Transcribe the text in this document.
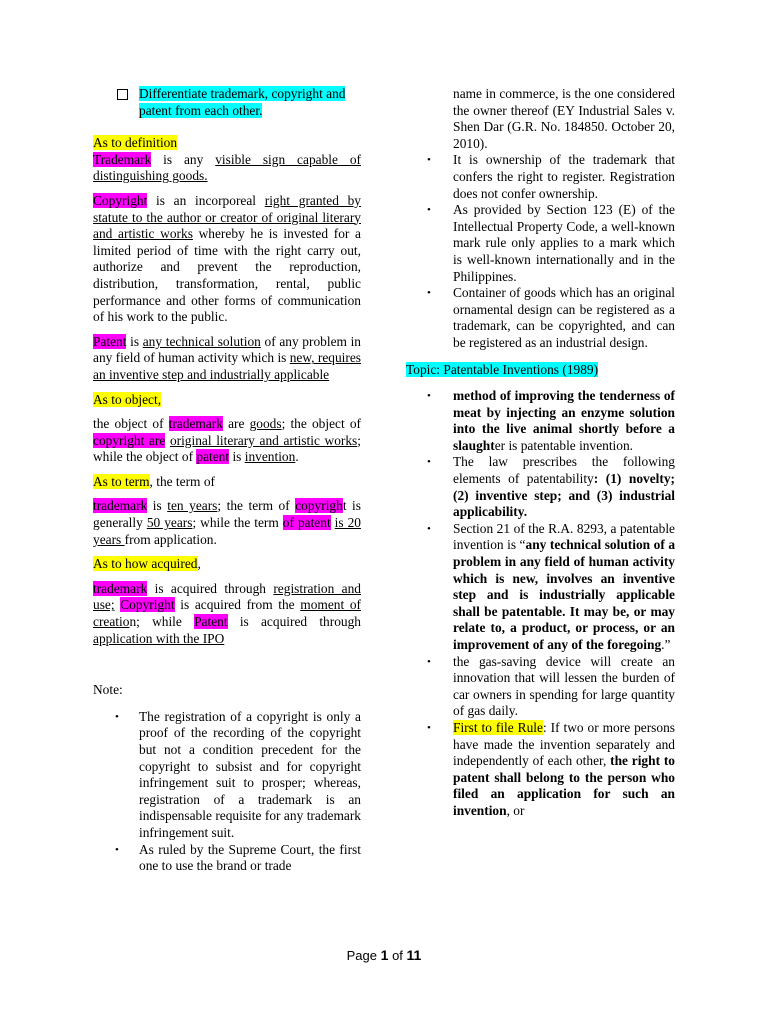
Differentiate trademark, copyright and patent from each other.

As to definition

Trademark is any visible sign capable of distinguishing goods.

Copyright is an incorporeal right granted by statute to the author or creator of original literary and artistic works whereby he is invested for a limited period of time with the right carry out, authorize and prevent the reproduction, distribution, transformation, rental, public performance and other forms of communication of his work to the public.

Patent is any technical solution of any problem in any field of human activity which is new, requires an inventive step and industrially applicable

As to object,

the object of trademark are goods; the object of copyright are original literary and artistic works; while the object of patent is invention.

As to term, the term of

trademark is ten years; the term of copyright is generally 50 years; while the term of patent is 20 years from application.

As to how acquired,

trademark is acquired through registration and use; Copyright is acquired from the moment of creation; while Patent is acquired through application with the IPO

Note:

• The registration of a copyright is only a proof of the recording of the copyright but not a condition precedent for the copyright to subsist and for copyright infringement suit to prosper; whereas, registration of a trademark is an indispensable requisite for any trademark infringement suit.
• As ruled by the Supreme Court, the first one to use the brand or trade

name in commerce, is the one considered the owner thereof (EY Industrial Sales v. Shen Dar (G.R. No. 184850. October 20, 2010).

• It is ownership of the trademark that confers the right to register. Registration does not confer ownership.
• As provided by Section 123 (E) of the Intellectual Property Code, a well-known mark rule only applies to a mark which is well-known internationally and in the Philippines.
• Container of goods which has an original ornamental design can be registered as a trademark, can be copyrighted, and can be registered as an industrial design.

Topic: Patentable Inventions (1989)

• method of improving the tenderness of meat by injecting an enzyme solution into the live animal shortly before a slaughter is patentable invention.
• The law prescribes the following elements of patentability: (1) novelty; (2) inventive step; and (3) industrial applicability.
• Section 21 of the R.A. 8293, a patentable invention is “any technical solution of a problem in any field of human activity which is new, involves an inventive step and is industrially applicable shall be patentable. It may be, or may relate to, a product, or process, or an improvement of any of the foregoing.”
• the gas-saving device will create an innovation that will lessen the burden of car owners in spending for large quantity of gas daily.
• First to file Rule: If two or more persons have made the invention separately and independently of each other, the right to patent shall belong to the person who filed an application for such an invention, or
Page 1 of 11
